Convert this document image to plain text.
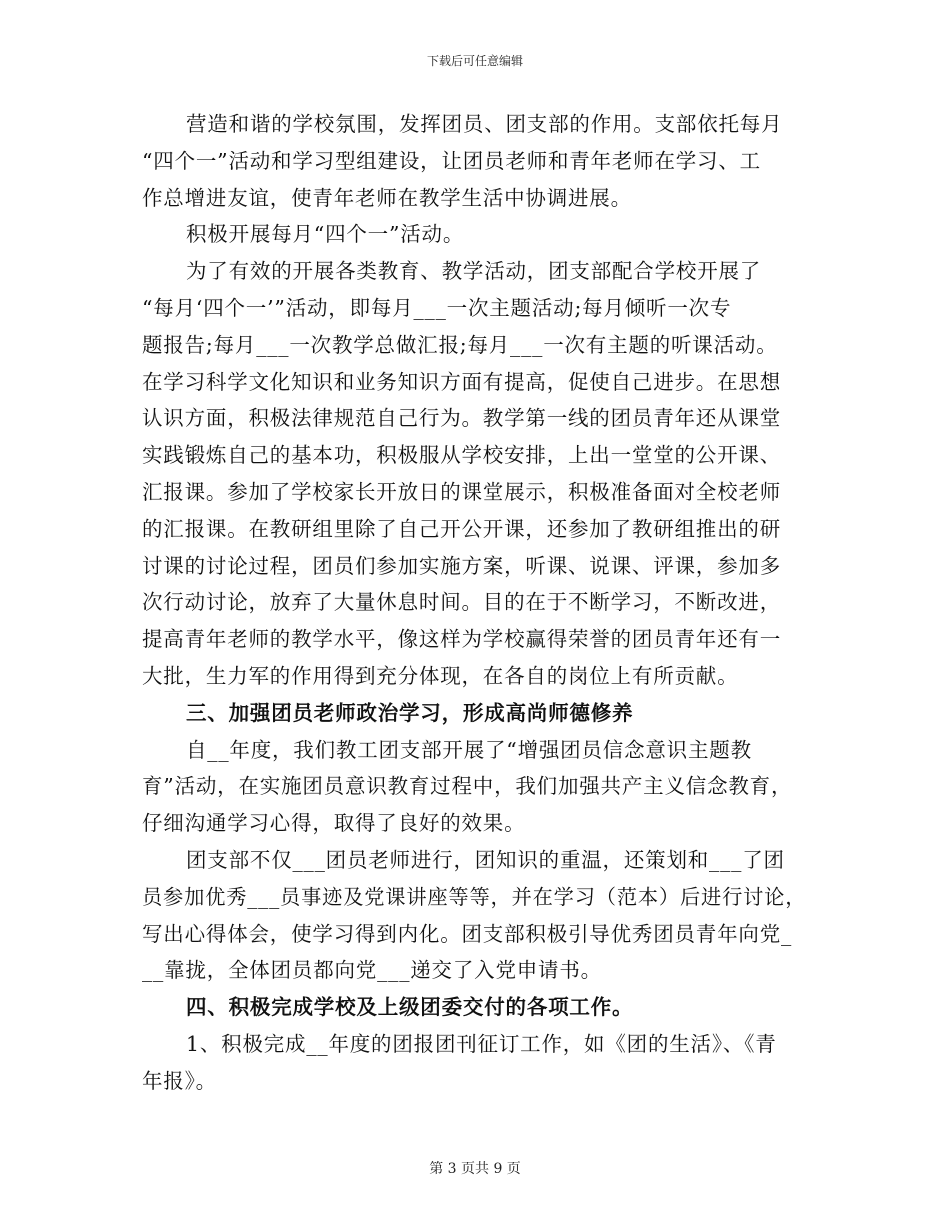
下载后可任意编辑
营造和谐的学校氛围，发挥团员、团支部的作用。支部依托每月
“四个一”活动和学习型组建设，让团员老师和青年老师在学习、工
作总增进友谊，使青年老师在教学生活中协调进展。
积极开展每月“四个一”活动。
为了有效的开展各类教育、教学活动，团支部配合学校开展了
“每月‘四个一’”活动，即每月___一次主题活动;每月倾听一次专
题报告;每月___一次教学总做汇报;每月___一次有主题的听课活动。
在学习科学文化知识和业务知识方面有提高，促使自己进步。在思想
认识方面，积极法律规范自己行为。教学第一线的团员青年还从课堂
实践锻炼自己的基本功，积极服从学校安排，上出一堂堂的公开课、
汇报课。参加了学校家长开放日的课堂展示，积极准备面对全校老师
的汇报课。在教研组里除了自己开公开课，还参加了教研组推出的研
讨课的讨论过程，团员们参加实施方案，听课、说课、评课，参加多
次行动讨论，放弃了大量休息时间。目的在于不断学习，不断改进，
提高青年老师的教学水平，像这样为学校赢得荣誉的团员青年还有一
大批，生力军的作用得到充分体现，在各自的岗位上有所贡献。
三、加强团员老师政治学习，形成高尚师德修养
自__年度，我们教工团支部开展了“增强团员信念意识主题教
育”活动，在实施团员意识教育过程中，我们加强共产主义信念教育，
仔细沟通学习心得，取得了良好的效果。
团支部不仅___团员老师进行，团知识的重温，还策划和___了团
员参加优秀___员事迹及党课讲座等等，并在学习（范本）后进行讨论，
写出心得体会，使学习得到内化。团支部积极引导优秀团员青年向党_
__靠拢，全体团员都向党___递交了入党申请书。
四、积极完成学校及上级团委交付的各项工作。
1、积极完成__年度的团报团刊征订工作，如《团的生活》、《青
年报》。
第 3 页共 9 页
